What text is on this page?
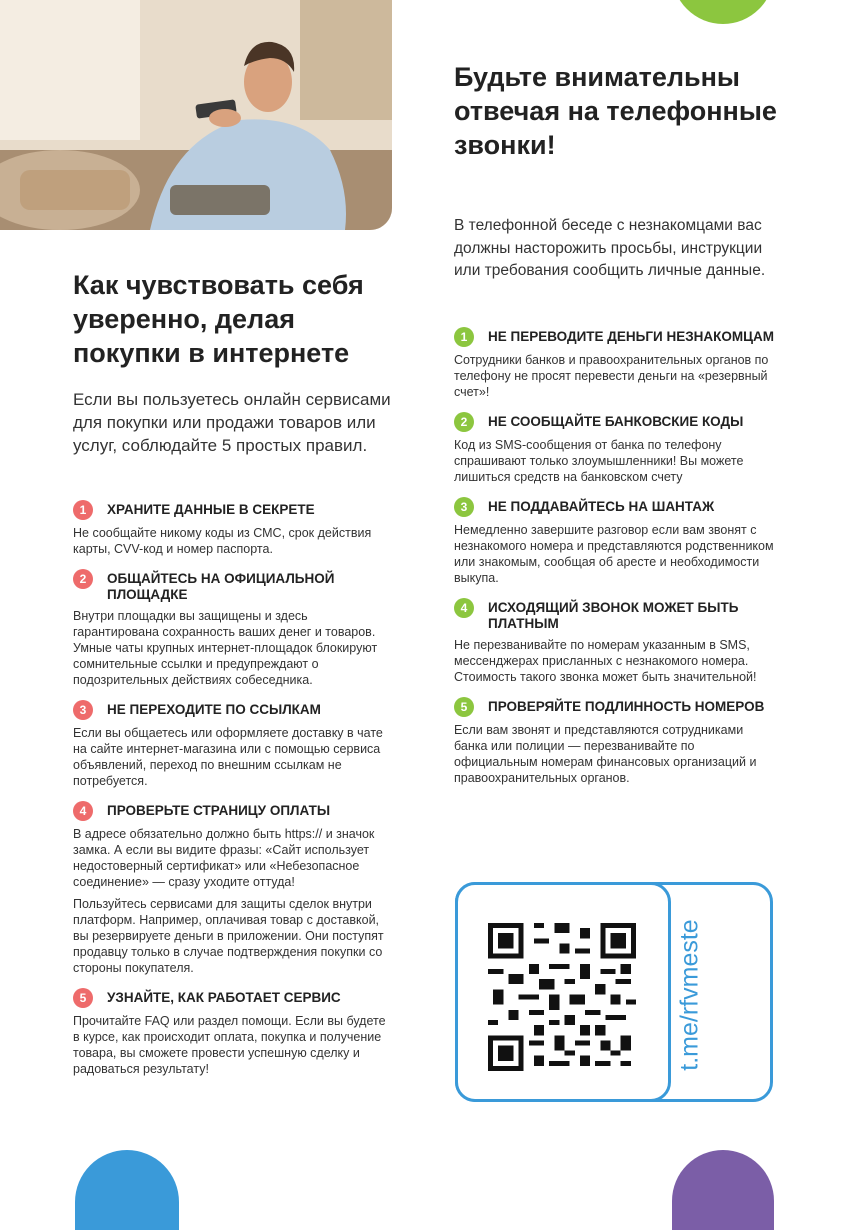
Как чувствовать себя уверенно, делая покупки в интернете

Если вы пользуетесь онлайн сервисами для покупки или продажи товаров или услуг, соблюдайте 5 простых правил.

1	ХРАНИТЕ ДАННЫЕ В СЕКРЕТЕ

Не сообщайте никому коды из СМС, срок действия карты, CVV-код и номер паспорта.

2	ОБЩАЙТЕСЬ НА ОФИЦИАЛЬНОЙ ПЛОЩАДКЕ

Внутри площадки вы защищены и здесь гарантирована сохранность ваших денег и товаров. Умные чаты крупных интернет-площадок блокируют сомнительные ссылки и предупреждают о подозрительных действиях собеседника.

3	НЕ ПЕРЕХОДИТЕ ПО ССЫЛКАМ

Если вы общаетесь или оформляете доставку в чате на сайте интернет-магазина или с помощью сервиса объявлений, переход по внешним ссылкам не потребуется.

4	ПРОВЕРЬТЕ СТРАНИЦУ ОПЛАТЫ

В адресе обязательно должно быть https:// и значок замка. А если вы видите фразы: «Сайт использует недостоверный сертификат» или «Небезопасное соединение» — сразу уходите оттуда!

Пользуйтесь сервисами для защиты сделок внутри платформ. Например, оплачивая товар с доставкой, вы резервируете деньги в приложении. Они поступят продавцу только в случае подтверждения покупки со стороны покупателя.

5	УЗНАЙТЕ, КАК РАБОТАЕТ СЕРВИС

Прочитайте FAQ или раздел помощи. Если вы будете в курсе, как происходит оплата, покупка и получение товара, вы сможете провести успешную сделку и радоваться результату!

Будьте внимательны отвечая на телефонные звонки!

В телефонной беседе с незнакомцами вас должны насторожить просьбы, инструкции или требования сообщить личные данные.

1	НЕ ПЕРЕВОДИТЕ ДЕНЬГИ НЕЗНАКОМЦАМ

Сотрудники банков и правоохранительных органов по телефону не просят перевести деньги на «резервный счет»!

2	НЕ СООБЩАЙТЕ БАНКОВСКИЕ КОДЫ

Код из SMS-сообщения от банка по телефону спрашивают только злоумышленники! Вы можете лишиться средств на банковском счету

3	НЕ ПОДДАВАЙТЕСЬ НА ШАНТАЖ

Немедленно завершите разговор если вам звонят с незнакомого номера и представляются родственником или знакомым, сообщая об аресте и необходимости выкупа.

4	ИСХОДЯЩИЙ ЗВОНОК МОЖЕТ БЫТЬ ПЛАТНЫМ

Не перезванивайте по номерам указанным в SMS, мессенджерах присланных с незнакомого номера. Стоимость такого звонка может быть значительной!

5	ПРОВЕРЯЙТЕ ПОДЛИННОСТЬ НОМЕРОВ

Если вам звонят и представляются сотрудниками банка или полиции — перезванивайте по официальным номерам финансовых организаций и правоохранительных органов.

t.me/rfvmeste
